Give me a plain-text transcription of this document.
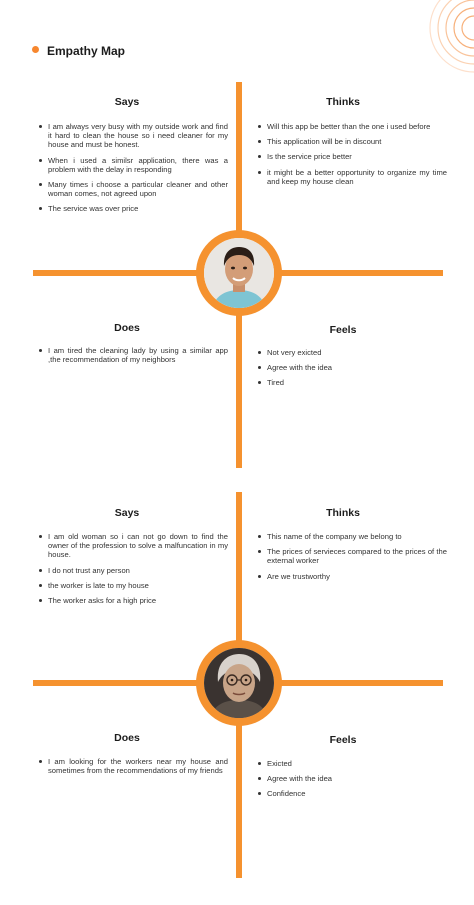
Empathy Map
Says
I am always very busy with my outside work and find it hard to clean the house so i need cleaner for my house and must be honest.
When i used a similsr application, there was a problem with the delay in responding
Many times i choose a particular cleaner and other woman comes, not agreed upon
The service was over price
Thinks
Will this app be better than the one i used before
This application will be in discount
Is the service price better
it might be a better opportunity to organize my time and keep my house clean
Does
I am tired the cleaning lady by using a similar app ,the recommendation of my neighbors
Feels
Not very exicted
Agree with the idea
Tired
Says
I am old woman so i can not go down to find the owner of the profession to solve a malfuncation in my house.
I do not trust any person
the worker is late to my house
The worker asks for a high price
Thinks
This name of the company we belong to
The prices of servieces compared to the prices of the external worker
Are we trustworthy
Does
I am looking for the workers near my house and sometimes from the recommendations of my friends
Feels
Exicted
Agree with the idea
Confidence
